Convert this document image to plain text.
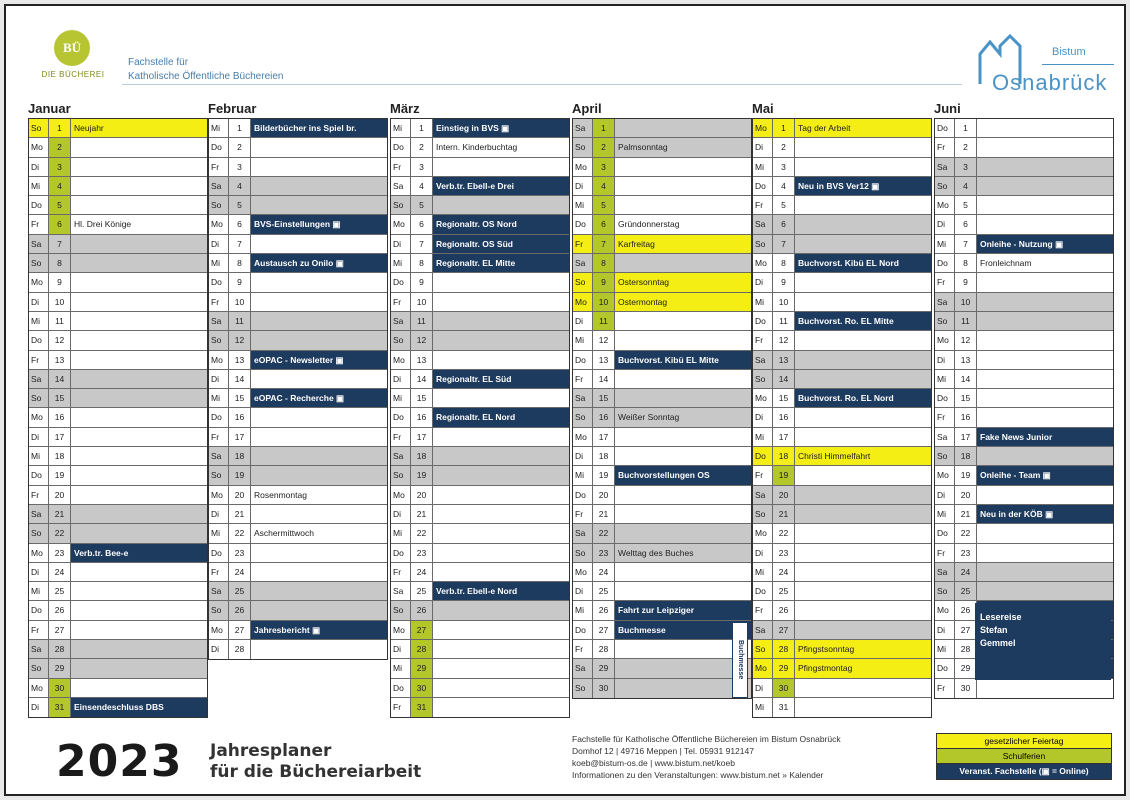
BÜ
DIE BÜCHEREI
Fachstelle für
Katholische Öffentliche Büchereien
Bistum
Osnabrück
Januar
So	1	Neujahr
Mo	2
Di	3
Mi	4
Do	5
Fr	6	Hl. Drei Könige
Sa	7
So	8
Mo	9
Di	10
Mi	11
Do	12
Fr	13
Sa	14
So	15
Mo	16
Di	17
Mi	18
Do	19
Fr	20
Sa	21
So	22
Mo	23	Verb.tr. Bee-e
Di	24
Mi	25
Do	26
Fr	27
Sa	28
So	29
Mo	30
Di	31	Einsendeschluss DBS
Februar
Mi	1	Bilderbücher ins Spiel br.
Do	2
Fr	3
Sa	4
So	5
Mo	6	BVS-Einstellungen ▣
Di	7
Mi	8	Austausch zu Onilo ▣
Do	9
Fr	10
Sa	11
So	12
Mo	13	eOPAC - Newsletter ▣
Di	14
Mi	15	eOPAC - Recherche ▣
Do	16
Fr	17
Sa	18
So	19
Mo	20	Rosenmontag
Di	21
Mi	22	Aschermittwoch
Do	23
Fr	24
Sa	25
So	26
Mo	27	Jahresbericht ▣
Di	28
März
Mi	1	Einstieg in BVS ▣
Do	2	Intern. Kinderbuchtag
Fr	3
Sa	4	Verb.tr. Ebell-e Drei
So	5
Mo	6	Regionaltr. OS Nord
Di	7	Regionaltr. OS Süd
Mi	8	Regionaltr. EL Mitte
Do	9
Fr	10
Sa	11
So	12
Mo	13
Di	14	Regionaltr. EL Süd
Mi	15
Do	16	Regionaltr. EL Nord
Fr	17
Sa	18
So	19
Mo	20
Di	21
Mi	22
Do	23
Fr	24
Sa	25	Verb.tr. Ebell-e Nord
So	26
Mo	27
Di	28
Mi	29
Do	30
Fr	31
April
Sa	1
So	2	Palmsonntag
Mo	3
Di	4
Mi	5
Do	6	Gründonnerstag
Fr	7	Karfreitag
Sa	8
So	9	Ostersonntag
Mo	10	Ostermontag
Di	11
Mi	12
Do	13	Buchvorst. Kibü EL Mitte
Fr	14
Sa	15
So	16	Weißer Sonntag
Mo	17
Di	18
Mi	19	Buchvorstellungen OS
Do	20
Fr	21
Sa	22
So	23	Welttag des Buches
Mo	24
Di	25
Mi	26	Fahrt zur Leipziger
Do	27	Buchmesse
Fr	28
Sa	29
So	30
Mai
Mo	1	Tag der Arbeit
Di	2
Mi	3
Do	4	Neu in BVS Ver12 ▣
Fr	5
Sa	6
So	7
Mo	8	Buchvorst. Kibü EL Nord
Di	9
Mi	10
Do	11	Buchvorst. Ro. EL Mitte
Fr	12
Sa	13
So	14
Mo	15	Buchvorst. Ro. EL Nord
Di	16
Mi	17
Do	18	Christi Himmelfahrt
Fr	19
Sa	20
So	21
Mo	22
Di	23
Mi	24
Do	25
Fr	26
Sa	27
So	28	Pfingstsonntag
Mo	29	Pfingstmontag
Di	30
Mi	31
Juni
Do	1
Fr	2
Sa	3
So	4
Mo	5
Di	6
Mi	7	Onleihe - Nutzung ▣
Do	8	Fronleichnam
Fr	9
Sa	10
So	11
Mo	12
Di	13
Mi	14
Do	15
Fr	16
Sa	17	Fake News Junior
So	18
Mo	19	Onleihe - Team ▣
Di	20
Mi	21	Neu in der KÖB ▣
Do	22
Fr	23
Sa	24
So	25
Mo	26
Di	27
Mi	28
Do	29
Fr	30
Buchmesse
Lesereise
Stefan
Gemmel
2023 Jahresplaner
für die Büchereiarbeit
Fachstelle für Katholische Öffentliche Büchereien im Bistum Osnabrück
Domhof 12 | 49716 Meppen | Tel. 05931 912147
koeb@bistum-os.de | www.bistum.net/koeb
Informationen zu den Veranstaltungen: www.bistum.net » Kalender
gesetzlicher Feiertag
Schulferien
Veranst. Fachstelle (▣ = Online)
